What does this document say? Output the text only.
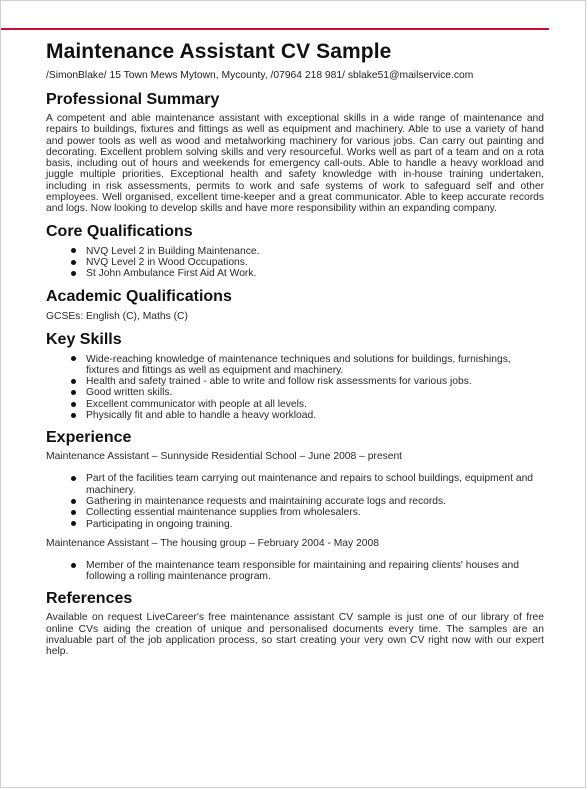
Maintenance Assistant CV Sample
/SimonBlake/ 15 Town Mews Mytown, Mycounty, /07964 218 981/ sblake51@mailservice.com
Professional Summary

A competent and able maintenance assistant with exceptional skills in a wide range of maintenance and repairs to buildings, fixtures and fittings as well as equipment and machinery. Able to use a variety of hand and power tools as well as wood and metalworking machinery for various jobs. Can carry out painting and decorating. Excellent problem solving skills and very resourceful. Works well as part of a team and on a rota basis, including out of hours and weekends for emergency call-outs. Able to handle a heavy workload and juggle multiple priorities. Exceptional health and safety knowledge with in-house training undertaken, including in risk assessments, permits to work and safe systems of work to safeguard self and other employees. Well organised, excellent time-keeper and a great communicator. Able to keep accurate records and logs. Now looking to develop skills and have more responsibility within an expanding company.

Core Qualifications
NVQ Level 2 in Building Maintenance.
NVQ Level 2 in Wood Occupations.
St John Ambulance First Aid At Work.
Academic Qualifications
GCSEs: English (C), Maths (C)
Key Skills
Wide-reaching knowledge of maintenance techniques and solutions for buildings, furnishings, fixtures and fittings as well as equipment and machinery.
Health and safety trained - able to write and follow risk assessments for various jobs.
Good written skills.
Excellent communicator with people at all levels.
Physically fit and able to handle a heavy workload.
Experience
Maintenance Assistant – Sunnyside Residential School – June 2008 – present
Part of the facilities team carrying out maintenance and repairs to school buildings, equipment and machinery.
Gathering in maintenance requests and maintaining accurate logs and records.
Collecting essential maintenance supplies from wholesalers.
Participating in ongoing training.
Maintenance Assistant – The housing group – February 2004 - May 2008
Member of the maintenance team responsible for maintaining and repairing clients' houses and following a rolling maintenance program.
References

Available on request LiveCareer's free maintenance assistant CV sample is just one of our library of free online CVs aiding the creation of unique and personalised documents every time. The samples are an invaluable part of the job application process, so start creating your very own CV right now with our expert help.
